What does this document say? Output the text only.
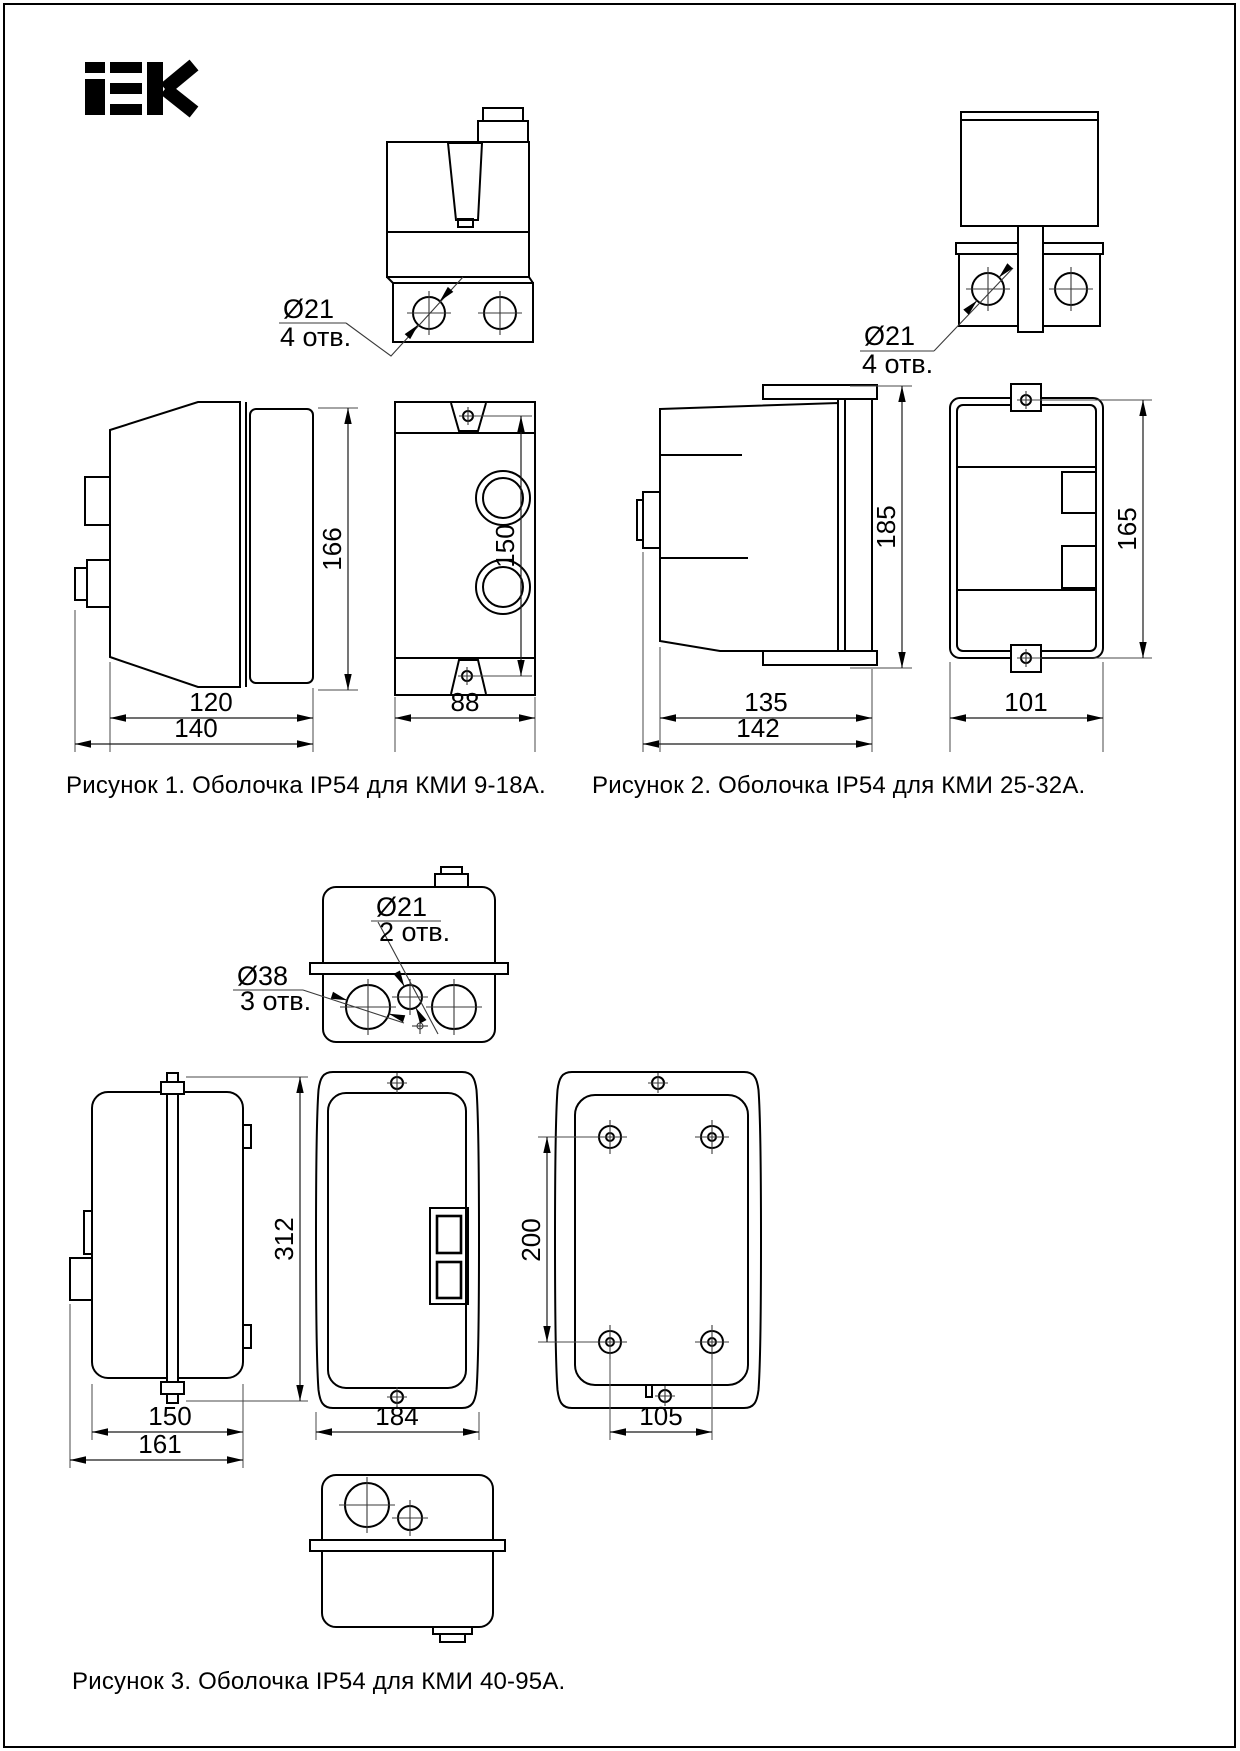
Ø21
4 отв.
166	150
120
140
88
Ø21
4 отв.
185	165
135
142
101
Ø21
2 отв.
Ø38
3 отв.
312	200
150
161
184	105
Рисунок 1. Оболочка IP54 для КМИ 9-18А. Рисунок 2. Оболочка IP54 для КМИ 25-32А.
Рисунок 3. Оболочка IP54 для КМИ 40-95А.
